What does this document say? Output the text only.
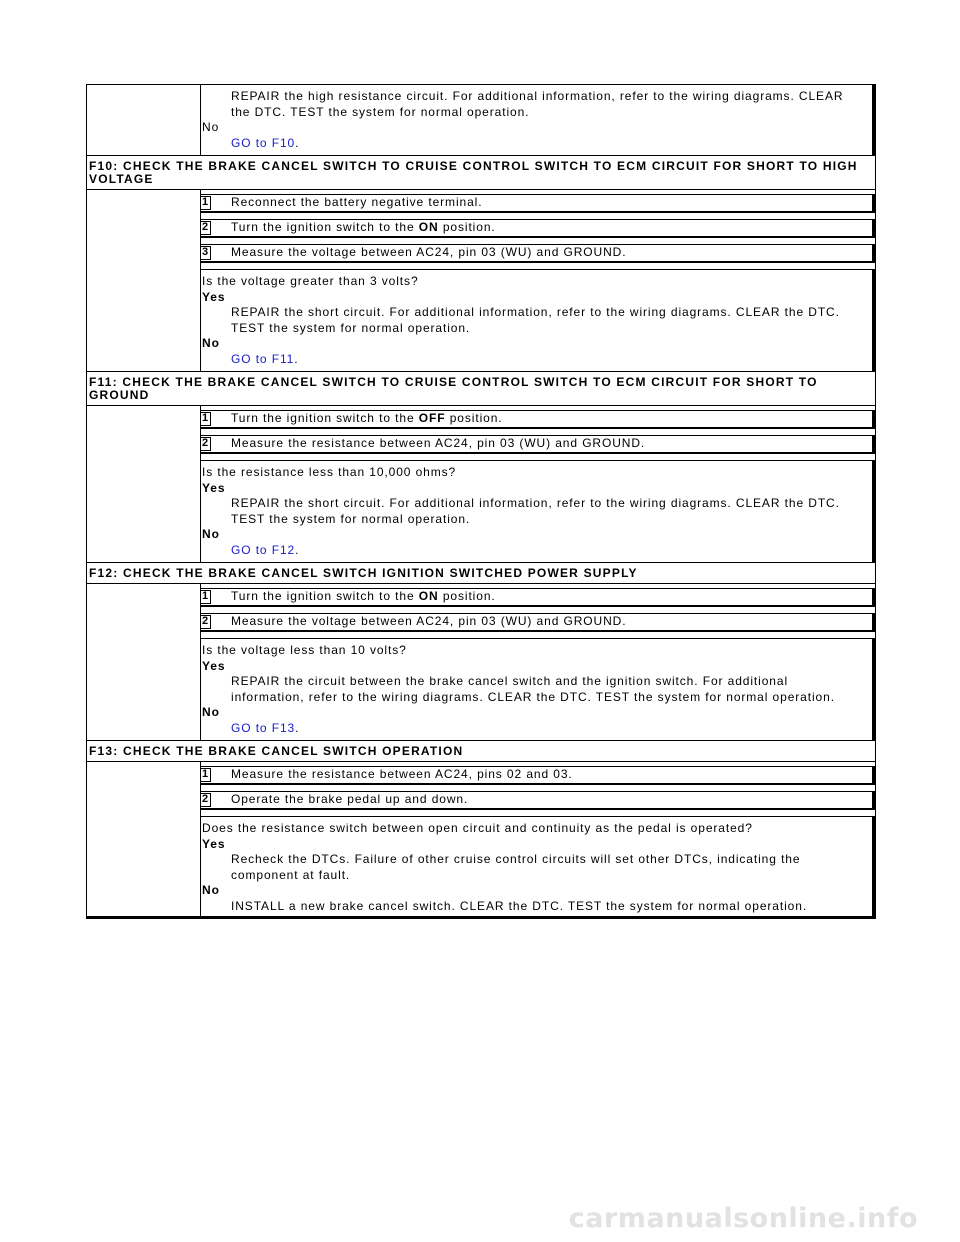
REPAIR the high resistance circuit. For additional information, refer to the wiring diagrams. CLEAR the DTC. TEST the system for normal operation.
No
GO to F10.
F10: CHECK THE BRAKE CANCEL SWITCH TO CRUISE CONTROL SWITCH TO ECM CIRCUIT FOR SHORT TO HIGH VOLTAGE
1 Reconnect the battery negative terminal.
2 Turn the ignition switch to the ON position.
3 Measure the voltage between AC24, pin 03 (WU) and GROUND.
Is the voltage greater than 3 volts?
Yes
REPAIR the short circuit. For additional information, refer to the wiring diagrams. CLEAR the DTC. TEST the system for normal operation.
No
GO to F11.
F11: CHECK THE BRAKE CANCEL SWITCH TO CRUISE CONTROL SWITCH TO ECM CIRCUIT FOR SHORT TO GROUND
1 Turn the ignition switch to the OFF position.
2 Measure the resistance between AC24, pin 03 (WU) and GROUND.
Is the resistance less than 10,000 ohms?
Yes
REPAIR the short circuit. For additional information, refer to the wiring diagrams. CLEAR the DTC. TEST the system for normal operation.
No
GO to F12.
F12: CHECK THE BRAKE CANCEL SWITCH IGNITION SWITCHED POWER SUPPLY
1 Turn the ignition switch to the ON position.
2 Measure the voltage between AC24, pin 03 (WU) and GROUND.
Is the voltage less than 10 volts?
Yes
REPAIR the circuit between the brake cancel switch and the ignition switch. For additional information, refer to the wiring diagrams. CLEAR the DTC. TEST the system for normal operation.
No
GO to F13.
F13: CHECK THE BRAKE CANCEL SWITCH OPERATION
1 Measure the resistance between AC24, pins 02 and 03.
2 Operate the brake pedal up and down.
Does the resistance switch between open circuit and continuity as the pedal is operated?
Yes
Recheck the DTCs. Failure of other cruise control circuits will set other DTCs, indicating the component at fault.
No
INSTALL a new brake cancel switch. CLEAR the DTC. TEST the system for normal operation.
carmanualsonline.info
